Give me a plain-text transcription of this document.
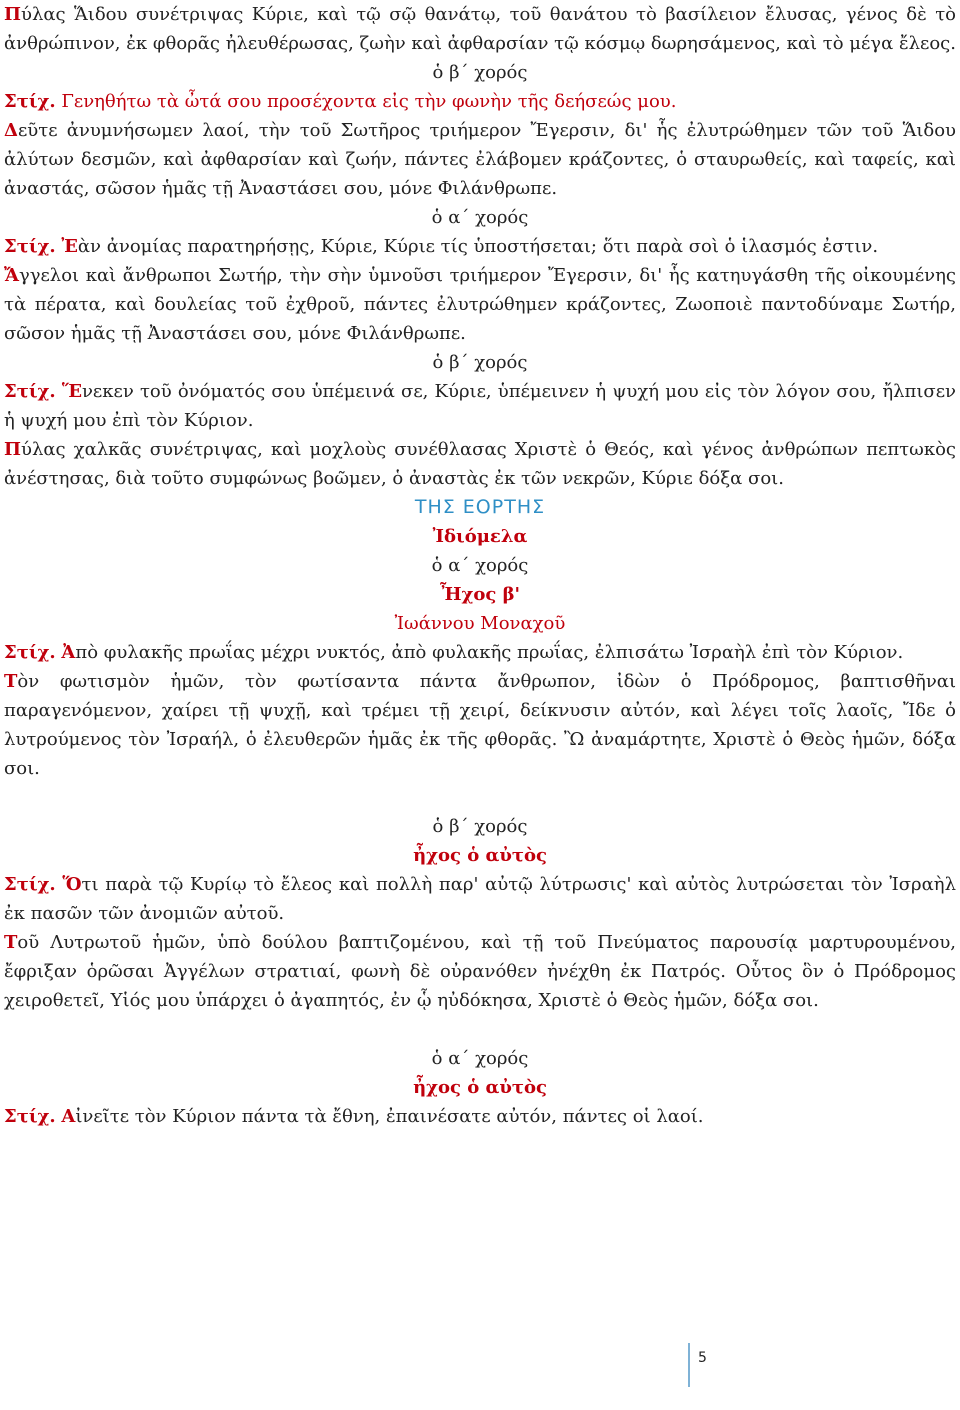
Πύλας Ἅιδου συνέτριψας Κύριε, καὶ τῷ σῷ θανάτῳ, τοῦ θανάτου τὸ βασίλειον ἔλυσας, γένος δὲ τὸ ἀνθρώπινον, ἐκ φθορᾶς ἠλευθέρωσας, ζωὴν καὶ ἀφθαρσίαν τῷ κόσμῳ δωρησάμενος, καὶ τὸ μέγα ἔλεος.

ὁ β΄ χορός

Στίχ. Γενηθήτω τὰ ὦτά σου προσέχοντα εἰς τὴν φωνὴν τῆς δεήσεώς μου.

Δεῦτε ἀνυμνήσωμεν λαοί, τὴν τοῦ Σωτῆρος τριήμερον Ἔγερσιν, δι' ἧς ἐλυτρώθημεν τῶν τοῦ Ἅιδου ἀλύτων δεσμῶν, καὶ ἀφθαρσίαν καὶ ζωήν, πάντες ἐλάβομεν κράζοντες, ὁ σταυρωθείς, καὶ ταφείς, καὶ ἀναστάς, σῶσον ἡμᾶς τῇ Ἀναστάσει σου, μόνε Φιλάνθρωπε.

ὁ α΄ χορός

Στίχ. Ἐὰν ἀνομίας παρατηρήσῃς, Κύριε, Κύριε τίς ὑποστήσεται; ὅτι παρὰ σοὶ ὁ ἱλασμός ἐστιν.

Ἄγγελοι καὶ ἄνθρωποι Σωτήρ, τὴν σὴν ὑμνοῦσι τριήμερον Ἔγερσιν, δι' ἧς κατηυγάσθη τῆς οἰκουμένης τὰ πέρατα, καὶ δουλείας τοῦ ἐχθροῦ, πάντες ἐλυτρώθημεν κράζοντες, Ζωοποιὲ παντοδύναμε Σωτήρ, σῶσον ἡμᾶς τῇ Ἀναστάσει σου, μόνε Φιλάνθρωπε.

ὁ β΄ χορός

Στίχ. Ἕνεκεν τοῦ ὀνόματός σου ὑπέμεινά σε, Κύριε, ὑπέμεινεν ἡ ψυχή μου εἰς τὸν λόγον σου, ἤλπισεν ἡ ψυχή μου ἐπὶ τὸν Κύριον.

Πύλας χαλκᾶς συνέτριψας, καὶ μοχλοὺς συνέθλασας Χριστὲ ὁ Θεός, καὶ γένος ἀνθρώπων πεπτωκὸς ἀνέστησας, διὰ τοῦτο συμφώνως βοῶμεν, ὁ ἀναστὰς ἐκ τῶν νεκρῶν, Κύριε δόξα σοι.

ΤΗΣ ΕΟΡΤΗΣ

Ἰδιόμελα

ὁ α΄ χορός

Ἦχος β'

Ἰωάννου Μοναχοῦ

Στίχ. Ἀπὸ φυλακῆς πρωΐας μέχρι νυκτός, ἀπὸ φυλακῆς πρωΐας, ἐλπισάτω Ἰσραὴλ ἐπὶ τὸν Κύριον.

Τὸν φωτισμὸν ἡμῶν, τὸν φωτίσαντα πάντα ἄνθρωπον, ἰδὼν ὁ Πρόδρομος, βαπτισθῆναι παραγενόμενον, χαίρει τῇ ψυχῇ, καὶ τρέμει τῇ χειρί, δείκνυσιν αὐτόν, καὶ λέγει τοῖς λαοῖς, Ἴδε ὁ λυτρούμενος τὸν Ἰσραήλ, ὁ ἐλευθερῶν ἡμᾶς ἐκ τῆς φθορᾶς. Ὢ ἀναμάρτητε, Χριστὲ ὁ Θεὸς ἡμῶν, δόξα σοι.

ὁ β΄ χορός

ἦχος ὁ αὐτὸς

Στίχ. Ὅτι παρὰ τῷ Κυρίῳ τὸ ἔλεος καὶ πολλὴ παρ' αὐτῷ λύτρωσις' καὶ αὐτὸς λυτρώσεται τὸν Ἰσραὴλ ἐκ πασῶν τῶν ἀνομιῶν αὐτοῦ.

Τοῦ Λυτρωτοῦ ἡμῶν, ὑπὸ δούλου βαπτιζομένου, καὶ τῇ τοῦ Πνεύματος παρουσίᾳ μαρτυρουμένου, ἔφριξαν ὁρῶσαι Ἀγγέλων στρατιαί, φωνὴ δὲ οὐρανόθεν ἠνέχθη ἐκ Πατρός. Οὗτος ὃν ὁ Πρόδρομος χειροθετεῖ, Υἱός μου ὑπάρχει ὁ ἀγαπητός, ἐν ᾧ ηὐδόκησα, Χριστὲ ὁ Θεὸς ἡμῶν, δόξα σοι.

ὁ α΄ χορός

ἦχος ὁ αὐτὸς

Στίχ. Αἰνεῖτε τὸν Κύριον πάντα τὰ ἔθνη, ἐπαινέσατε αὐτόν, πάντες οἱ λαοί.

5
